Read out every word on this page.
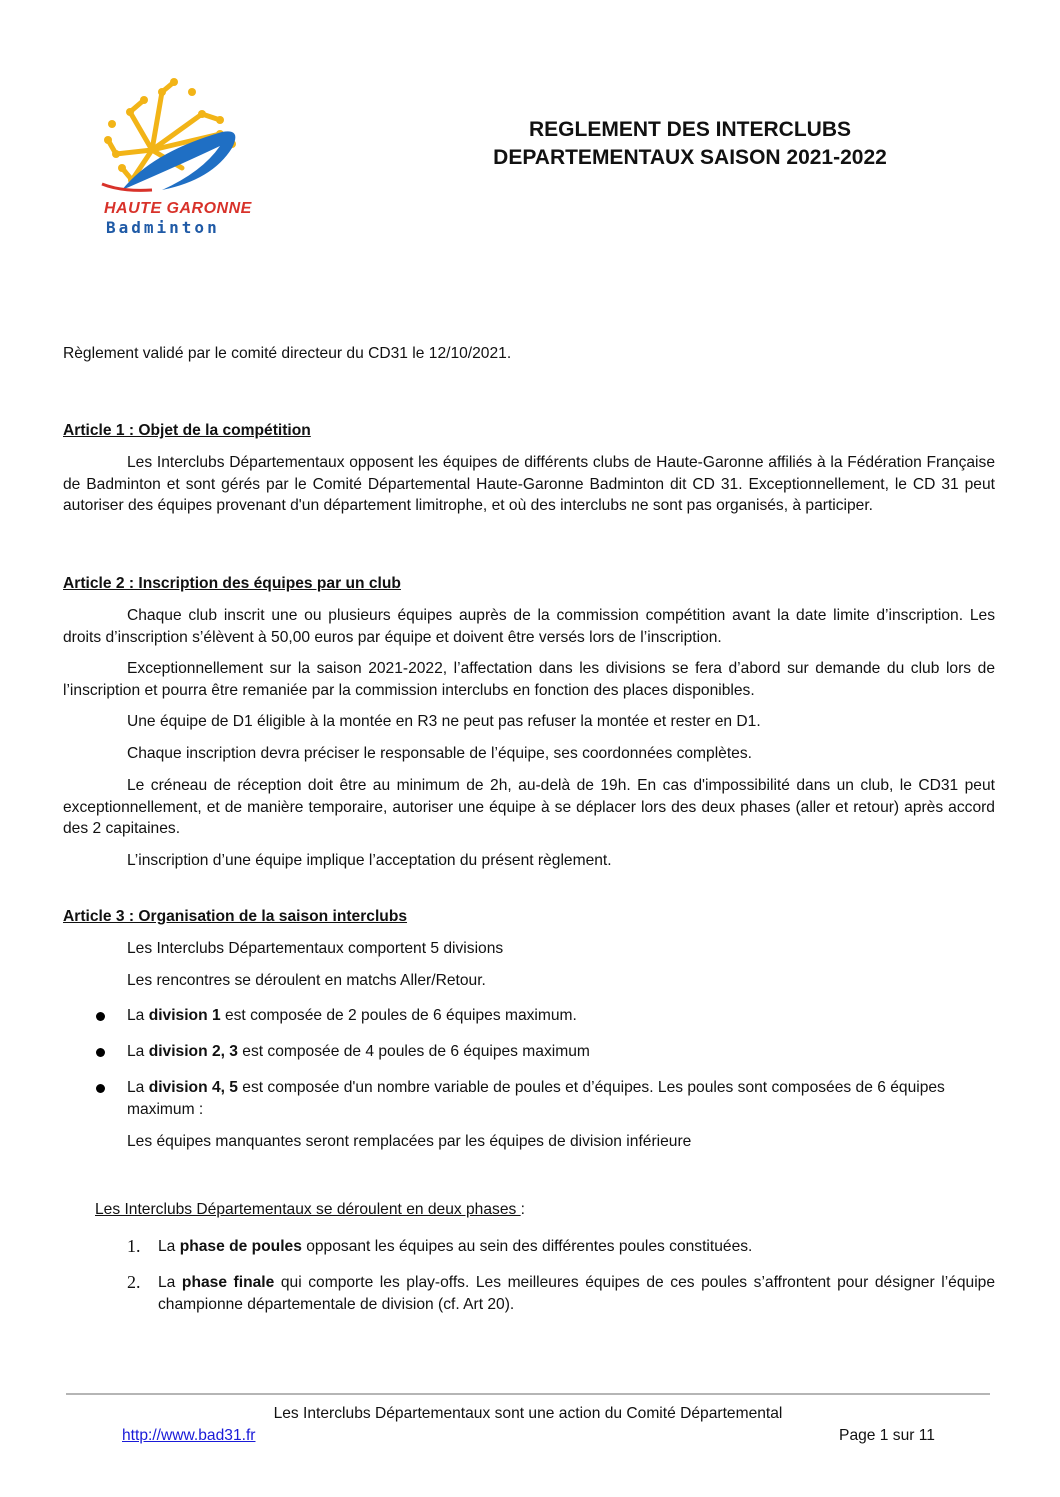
HAUTE GARONNE
Badminton
REGLEMENT DES INTERCLUBS
DEPARTEMENTAUX SAISON 2021-2022
Règlement validé par le comité directeur du CD31 le 12/10/2021.
Article 1 : Objet de la compétition
Les Interclubs Départementaux opposent les équipes de différents clubs de Haute-Garonne affiliés à la Fédération Française de Badminton et sont gérés par le Comité Départemental Haute-Garonne Badminton dit CD 31. Exceptionnellement, le CD 31 peut autoriser des équipes provenant d'un département limitrophe, et où des interclubs ne sont pas organisés, à participer.
Article 2 : Inscription des équipes par un club
Chaque club inscrit une ou plusieurs équipes auprès de la commission compétition avant la date limite d’inscription. Les droits d’inscription s’élèvent à 50,00 euros par équipe et doivent être versés lors de l’inscription.
Exceptionnellement sur la saison 2021-2022, l’affectation dans les divisions se fera d’abord sur demande du club lors de l’inscription et pourra être remaniée par la commission interclubs en fonction des places disponibles.
Une équipe de D1 éligible à la montée en R3 ne peut pas refuser la montée et rester en D1.
Chaque inscription devra préciser le responsable de l’équipe, ses coordonnées complètes.
Le créneau de réception doit être au minimum de 2h, au-delà de 19h. En cas d'impossibilité dans un club, le CD31 peut exceptionnellement, et de manière temporaire, autoriser une équipe à se déplacer lors des deux phases (aller et retour) après accord des 2 capitaines.
L’inscription d’une équipe implique l’acceptation du présent règlement.
Article 3 : Organisation de la saison interclubs
Les Interclubs Départementaux comportent 5 divisions
Les rencontres se déroulent en matchs Aller/Retour.
La division 1 est composée de 2 poules de 6 équipes maximum.
La division 2, 3 est composée de 4 poules de 6 équipes maximum
La division 4, 5 est composée d'un nombre variable de poules et d’équipes. Les poules sont composées de 6 équipes maximum :
Les équipes manquantes seront remplacées par les équipes de division inférieure
Les Interclubs Départementaux se déroulent en deux phases :
1. La phase de poules opposant les équipes au sein des différentes poules constituées.
2. La phase finale qui comporte les play-offs. Les meilleures équipes de ces poules s’affrontent pour désigner l’équipe championne départementale de division (cf. Art 20).
Les Interclubs Départementaux sont une action du Comité Départemental
http://www.bad31.fr	Page 1 sur 11
